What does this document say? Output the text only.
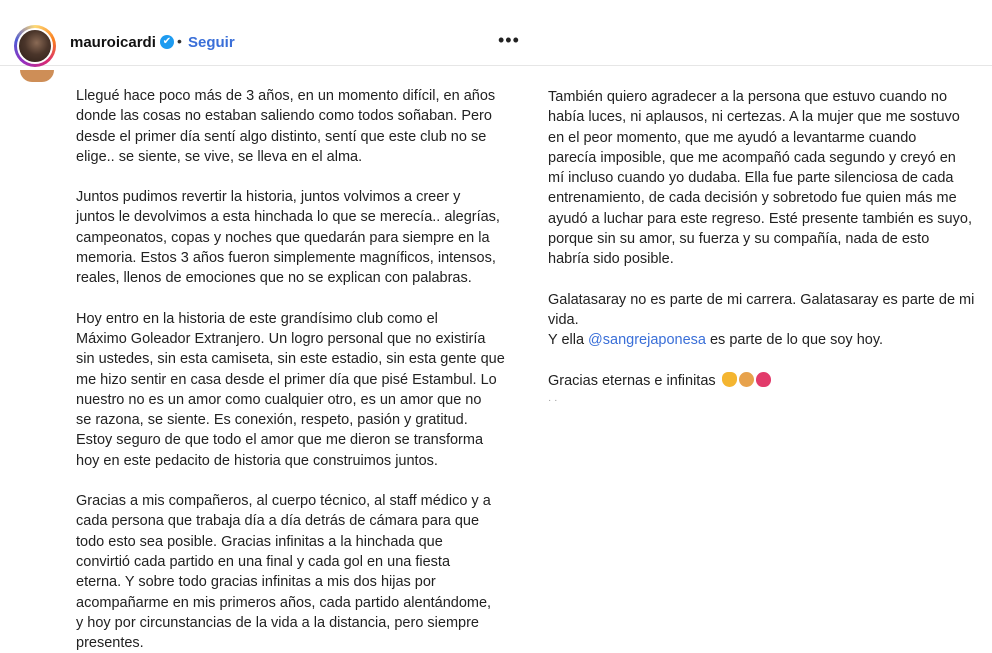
mauroicardi ✔ • Seguir	•••

Llegué hace poco más de 3 años, en un momento difícil, en años

donde las cosas no estaban saliendo como todos soñaban. Pero

desde el primer día sentí algo distinto, sentí que este club no se

elige.. se siente, se vive, se lleva en el alma.

Juntos pudimos revertir la historia, juntos volvimos a creer y

juntos le devolvimos a esta hinchada lo que se merecía.. alegrías,

campeonatos, copas y noches que quedarán para siempre en la

memoria. Estos 3 años fueron simplemente magníficos, intensos,

reales, llenos de emociones que no se explican con palabras.

Hoy entro en la historia de este grandísimo club como el

Máximo Goleador Extranjero. Un logro personal que no existiría

sin ustedes, sin esta camiseta, sin este estadio, sin esta gente que

me hizo sentir en casa desde el primer día que pisé Estambul. Lo

nuestro no es un amor como cualquier otro, es un amor que no

se razona, se siente. Es conexión, respeto, pasión y gratitud.

Estoy seguro de que todo el amor que me dieron se transforma

hoy en este pedacito de historia que construimos juntos.

Gracias a mis compañeros, al cuerpo técnico, al staff médico y a

cada persona que trabaja día a día detrás de cámara para que

todo esto sea posible. Gracias infinitas a la hinchada que

convirtió cada partido en una final y cada gol en una fiesta

eterna. Y sobre todo gracias infinitas a mis dos hijas por

acompañarme en mis primeros años, cada partido alentándome,

y hoy por circunstancias de la vida a la distancia, pero siempre

presentes.

También quiero agradecer a la persona que estuvo cuando no

había luces, ni aplausos, ni certezas. A la mujer que me sostuvo

en el peor momento, que me ayudó a levantarme cuando

parecía imposible, que me acompañó cada segundo y creyó en

mí incluso cuando yo dudaba. Ella fue parte silenciosa de cada

entrenamiento, de cada decisión y sobretodo fue quien más me

ayudó a luchar para este regreso. Esté presente también es suyo,

porque sin su amor, su fuerza y su compañía, nada de esto

habría sido posible.

Galatasaray no es parte de mi carrera. Galatasaray es parte de mi

vida.

Y ella @sangrejaponesa es parte de lo que soy hoy.

Gracias eternas e infinitas

· ·
